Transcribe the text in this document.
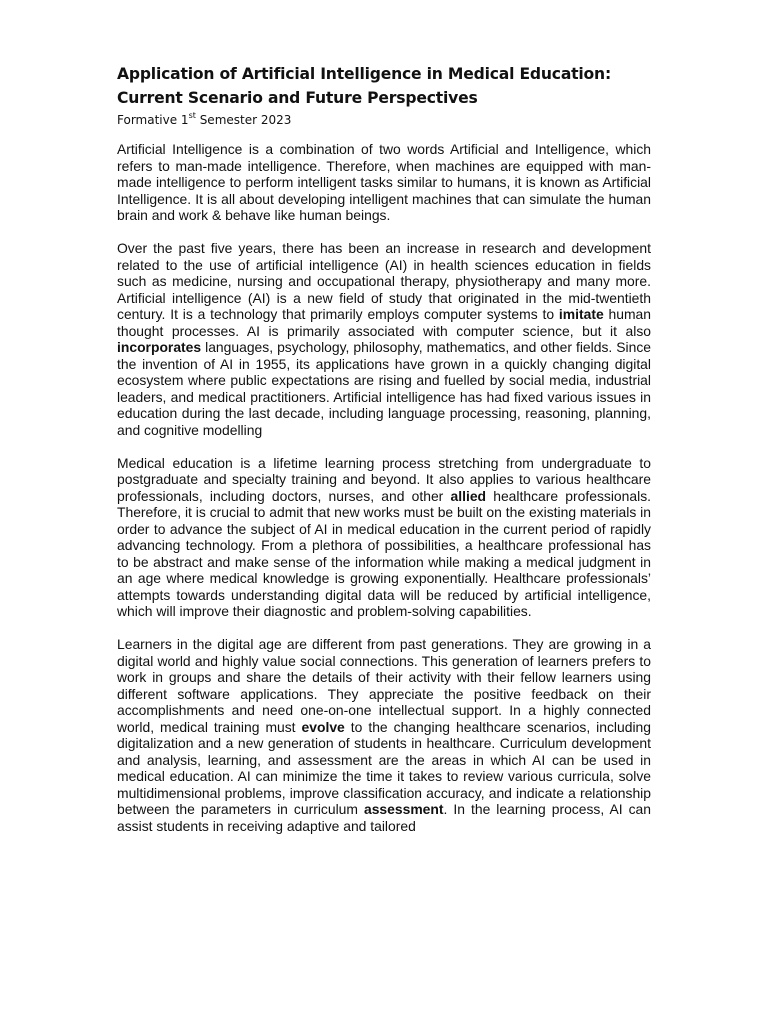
Application of Artificial Intelligence in Medical Education: Current Scenario and Future Perspectives
Formative 1st Semester 2023

Artificial Intelligence is a combination of two words Artificial and Intelligence, which refers to man-made intelligence. Therefore, when machines are equipped with man-made intelligence to perform intelligent tasks similar to humans, it is known as Artificial Intelligence. It is all about developing intelligent machines that can simulate the human brain and work & behave like human beings.

Over the past five years, there has been an increase in research and development related to the use of artificial intelligence (AI) in health sciences education in fields such as medicine, nursing and occupational therapy, physiotherapy and many more. Artificial intelligence (AI) is a new field of study that originated in the mid-twentieth century. It is a technology that primarily employs computer systems to imitate human thought processes. AI is primarily associated with computer science, but it also incorporates languages, psychology, philosophy, mathematics, and other fields. Since the invention of AI in 1955, its applications have grown in a quickly changing digital ecosystem where public expectations are rising and fuelled by social media, industrial leaders, and medical practitioners. Artificial intelligence has had fixed various issues in education during the last decade, including language processing, reasoning, planning, and cognitive modelling

Medical education is a lifetime learning process stretching from undergraduate to postgraduate and specialty training and beyond. It also applies to various healthcare professionals, including doctors, nurses, and other allied healthcare professionals. Therefore, it is crucial to admit that new works must be built on the existing materials in order to advance the subject of AI in medical education in the current period of rapidly advancing technology. From a plethora of possibilities, a healthcare professional has to be abstract and make sense of the information while making a medical judgment in an age where medical knowledge is growing exponentially. Healthcare professionals’ attempts towards understanding digital data will be reduced by artificial intelligence, which will improve their diagnostic and problem-solving capabilities.

Learners in the digital age are different from past generations. They are growing in a digital world and highly value social connections. This generation of learners prefers to work in groups and share the details of their activity with their fellow learners using different software applications. They appreciate the positive feedback on their accomplishments and need one-on-one intellectual support. In a highly connected world, medical training must evolve to the changing healthcare scenarios, including digitalization and a new generation of students in healthcare. Curriculum development and analysis, learning, and assessment are the areas in which AI can be used in medical education. AI can minimize the time it takes to review various curricula, solve multidimensional problems, improve classification accuracy, and indicate a relationship between the parameters in curriculum assessment. In the learning process, AI can assist students in receiving adaptive and tailored
